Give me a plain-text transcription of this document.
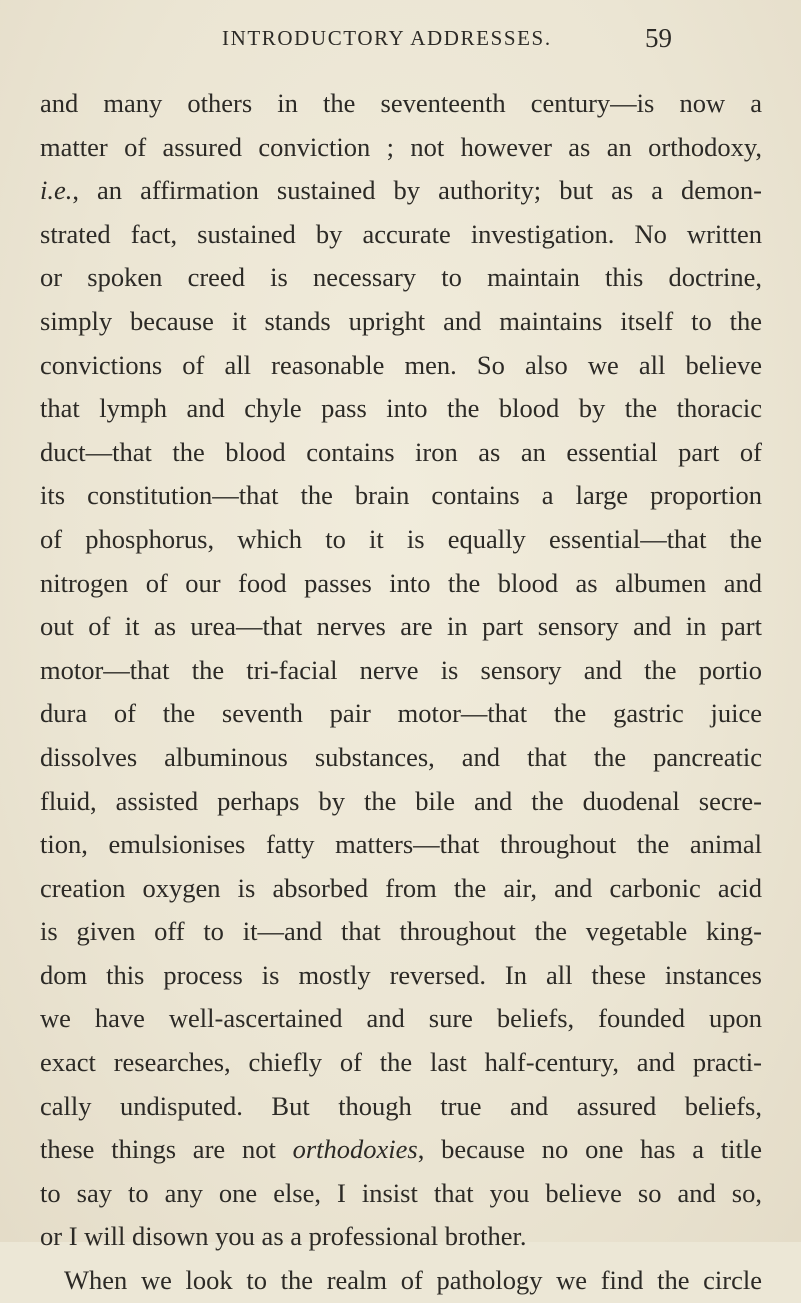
INTRODUCTORY ADDRESSES.	59
and many others in the seventeenth century—is now a
matter of assured conviction ; not however as an orthodoxy,
i.e., an affirmation sustained by authority; but as a demon-
strated fact, sustained by accurate investigation. No written
or spoken creed is necessary to maintain this doctrine,
simply because it stands upright and maintains itself to the
convictions of all reasonable men. So also we all believe
that lymph and chyle pass into the blood by the thoracic
duct—that the blood contains iron as an essential part of
its constitution—that the brain contains a large proportion
of phosphorus, which to it is equally essential—that the
nitrogen of our food passes into the blood as albumen and
out of it as urea—that nerves are in part sensory and in part
motor—that the tri-facial nerve is sensory and the portio
dura of the seventh pair motor—that the gastric juice
dissolves albuminous substances, and that the pancreatic
fluid, assisted perhaps by the bile and the duodenal secre-
tion, emulsionises fatty matters—that throughout the animal
creation oxygen is absorbed from the air, and carbonic acid
is given off to it—and that throughout the vegetable king-
dom this process is mostly reversed. In all these instances
we have well-ascertained and sure beliefs, founded upon
exact researches, chiefly of the last half-century, and practi-
cally undisputed. But though true and assured beliefs,
these things are not orthodoxies, because no one has a title
to say to any one else, I insist that you believe so and so,
or I will disown you as a professional brother.
When we look to the realm of pathology we find the circle
